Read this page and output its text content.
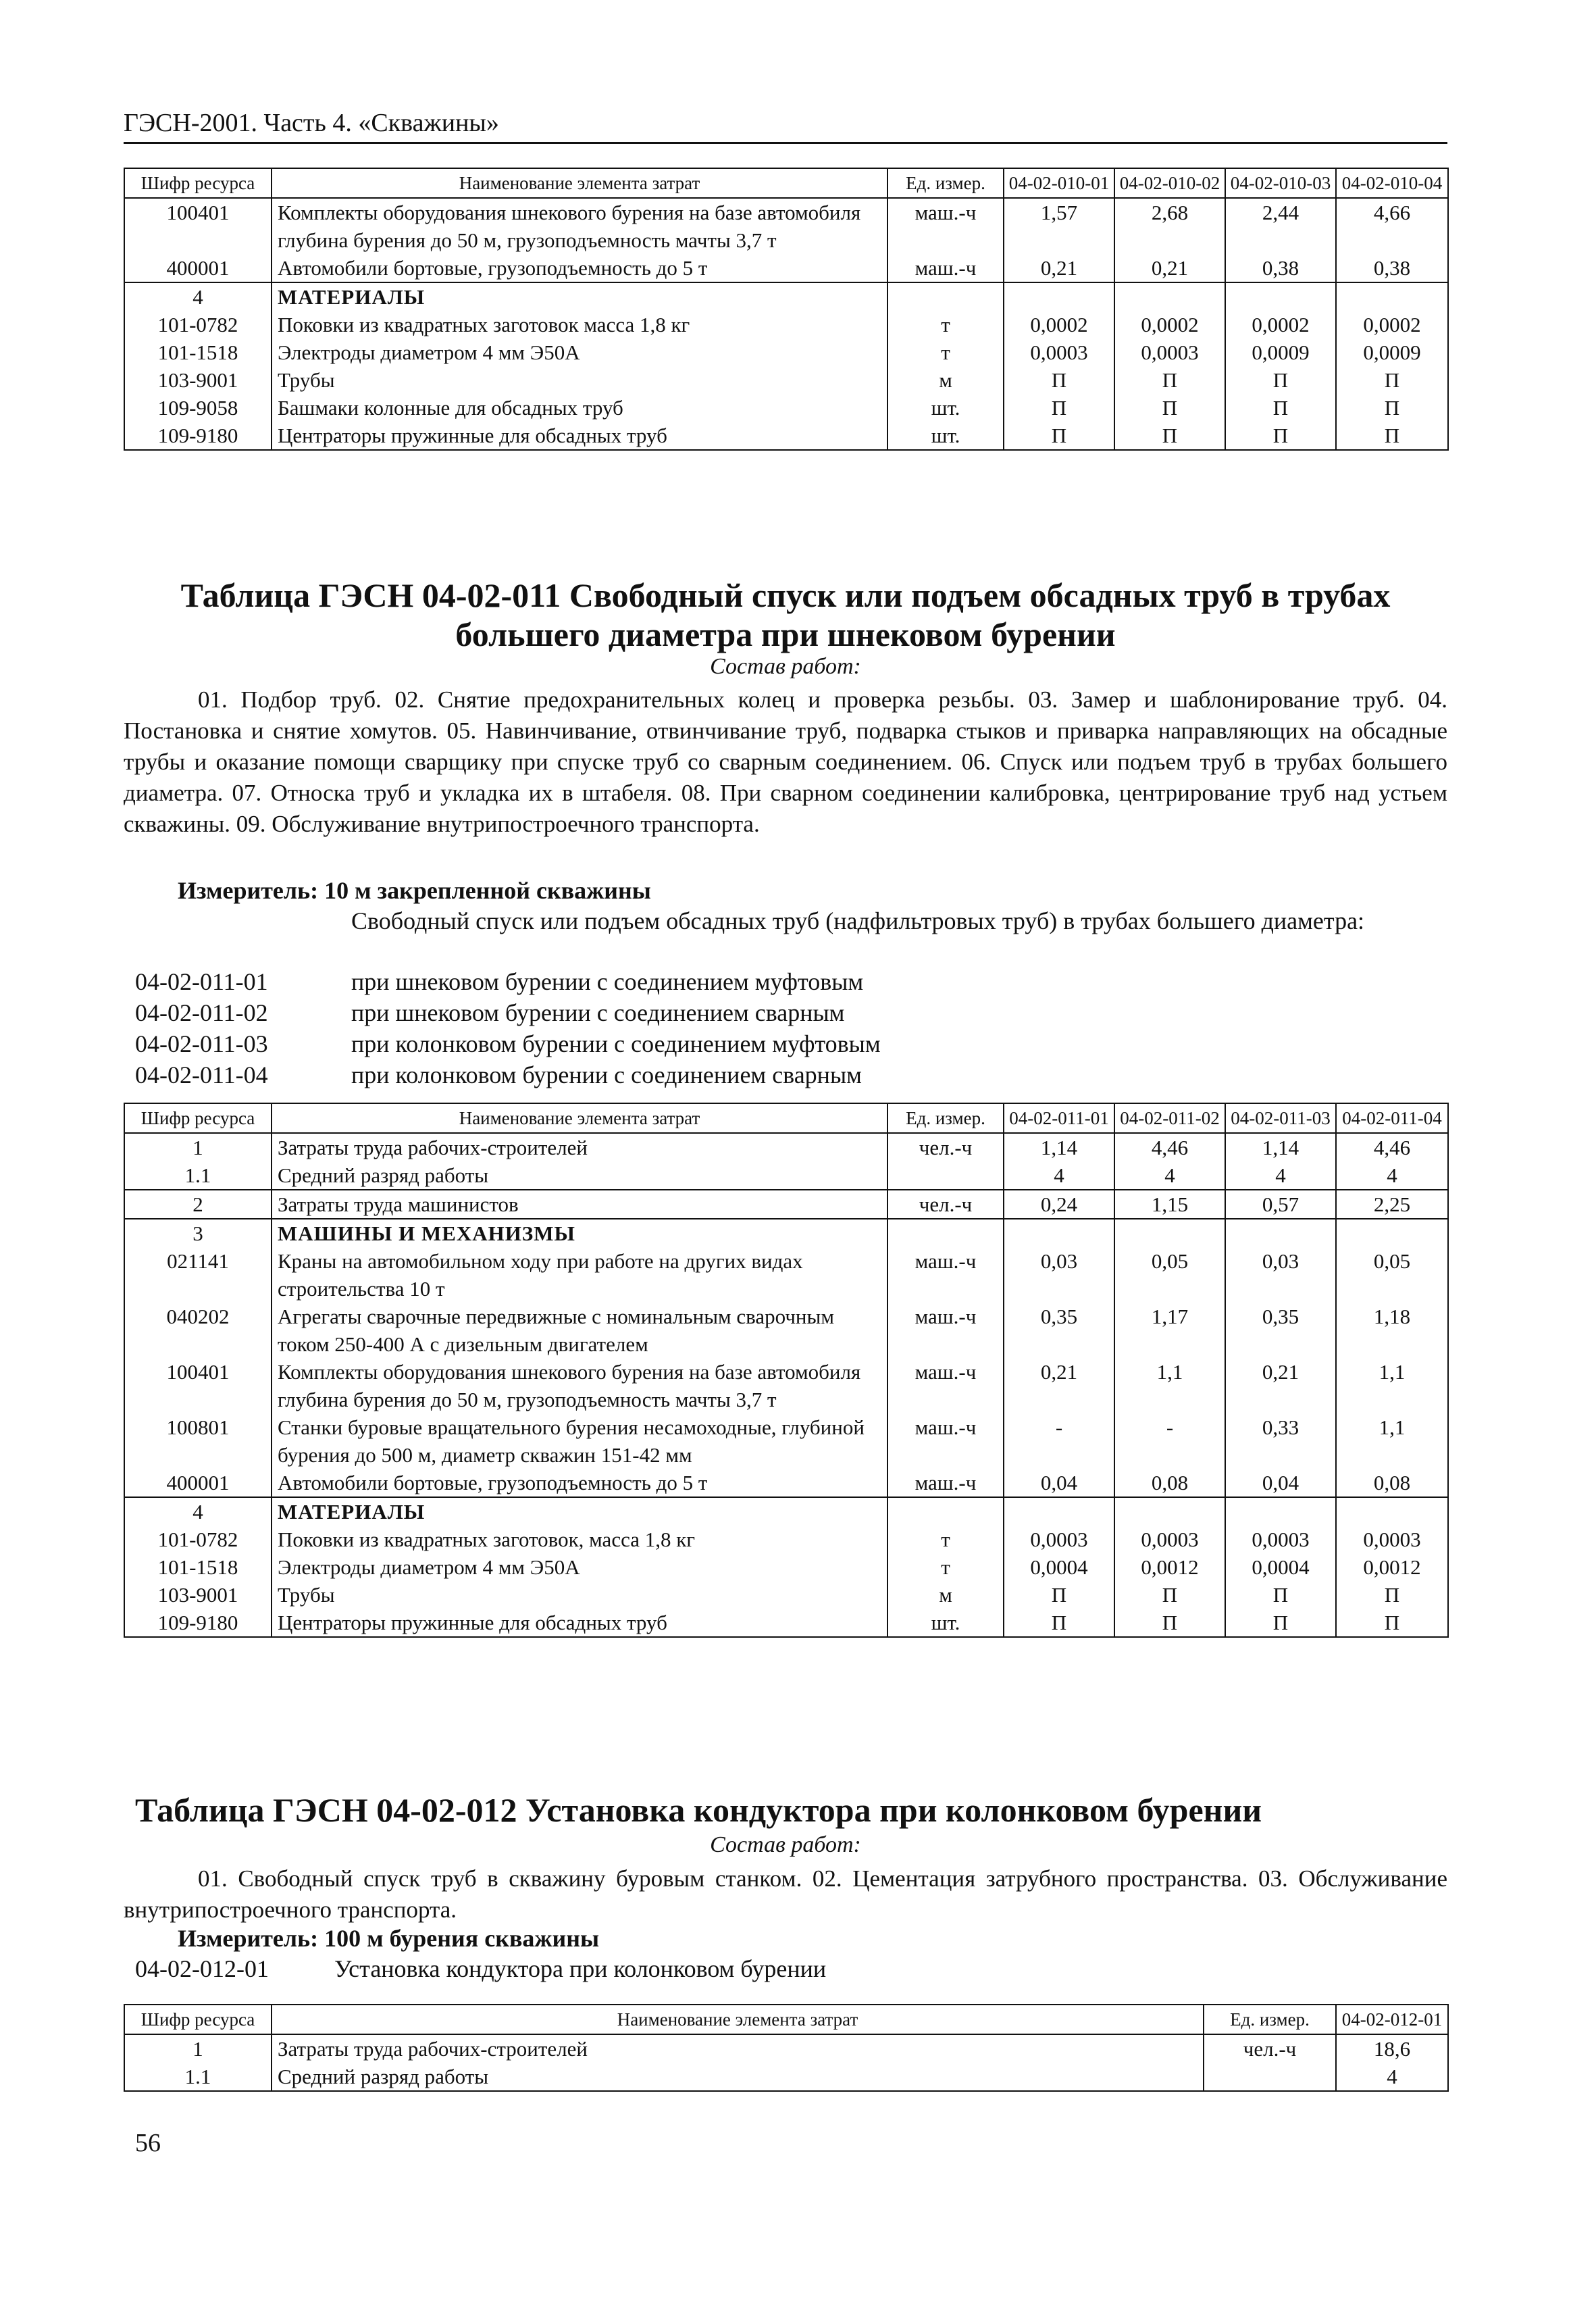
ГЭСН-2001. Часть 4. «Скважины»
Шифр ресурса	Наименование элемента затрат	Ед. измер.	04-02-010-01	04-02-010-02	04-02-010-03	04-02-010-04
100401	Комплекты оборудования шнекового бурения на базе автомобиля глубина бурения до 50 м, грузоподъемность мачты 3,7 т	маш.-ч	1,57	2,68	2,44	4,66
400001	Автомобили бортовые, грузоподъемность до 5 т	маш.-ч	0,21	0,21	0,38	0,38
4	МАТЕРИАЛЫ					
101-0782	Поковки из квадратных заготовок масса 1,8 кг	т	0,0002	0,0002	0,0002	0,0002
101-1518	Электроды диаметром 4 мм Э50А	т	0,0003	0,0003	0,0009	0,0009
103-9001	Трубы	м	П	П	П	П
109-9058	Башмаки колонные для обсадных труб	шт.	П	П	П	П
109-9180	Центраторы пружинные для обсадных труб	шт.	П	П	П	П
Таблица ГЭСН 04-02-011 Свободный спуск или подъем обсадных труб в трубах
большего диаметра при шнековом бурении
Состав работ:
01. Подбор труб. 02. Снятие предохранительных колец и проверка резьбы. 03. Замер и шаблонирование труб. 04. Постановка и снятие хомутов. 05. Навинчивание, отвинчивание труб, подварка стыков и приварка направляющих на обсадные трубы и оказание помощи сварщику при спуске труб со сварным соединением. 06. Спуск или подъем труб в трубах большего диаметра. 07. Относка труб и укладка их в штабеля. 08. При сварном соединении калибровка, центрирование труб над устьем скважины. 09. Обслуживание внутрипостроечного транспорта.
Измеритель: 10 м закрепленной скважины
Свободный спуск или подъем обсадных труб (надфильтровых труб) в трубах большего диаметра:
04-02-011-01	при шнековом бурении с соединением муфтовым
04-02-011-02	при шнековом бурении с соединением сварным
04-02-011-03	при колонковом бурении с соединением муфтовым
04-02-011-04	при колонковом бурении с соединением сварным
Шифр ресурса	Наименование элемента затрат	Ед. измер.	04-02-011-01	04-02-011-02	04-02-011-03	04-02-011-04
1	Затраты труда рабочих-строителей	чел.-ч	1,14	4,46	1,14	4,46
1.1	Средний разряд работы		4	4	4	4
2	Затраты труда машинистов	чел.-ч	0,24	1,15	0,57	2,25
3	МАШИНЫ И МЕХАНИЗМЫ					
021141	Краны на автомобильном ходу при работе на других видах строительства 10 т	маш.-ч	0,03	0,05	0,03	0,05
040202	Агрегаты сварочные передвижные с номинальным сварочным током 250-400 А с дизельным двигателем	маш.-ч	0,35	1,17	0,35	1,18
100401	Комплекты оборудования шнекового бурения на базе автомобиля глубина бурения до 50 м, грузоподъемность мачты 3,7 т	маш.-ч	0,21	1,1	0,21	1,1
100801	Станки буровые вращательного бурения несамоходные, глубиной бурения до 500 м, диаметр скважин 151-42 мм	маш.-ч	-	-	0,33	1,1
400001	Автомобили бортовые, грузоподъемность до 5 т	маш.-ч	0,04	0,08	0,04	0,08
4	МАТЕРИАЛЫ					
101-0782	Поковки из квадратных заготовок, масса 1,8 кг	т	0,0003	0,0003	0,0003	0,0003
101-1518	Электроды диаметром 4 мм Э50А	т	0,0004	0,0012	0,0004	0,0012
103-9001	Трубы	м	П	П	П	П
109-9180	Центраторы пружинные для обсадных труб	шт.	П	П	П	П
Таблица ГЭСН 04-02-012 Установка кондуктора при колонковом бурении
Состав работ:
01. Свободный спуск труб в скважину буровым станком. 02. Цементация затрубного пространства. 03. Обслуживание внутрипостроечного транспорта.
Измеритель: 100 м бурения скважины
04-02-012-01	Установка кондуктора при колонковом бурении
Шифр ресурса	Наименование элемента затрат	Ед. измер.	04-02-012-01
1	Затраты труда рабочих-строителей	чел.-ч	18,6
1.1	Средний разряд работы		4
56
